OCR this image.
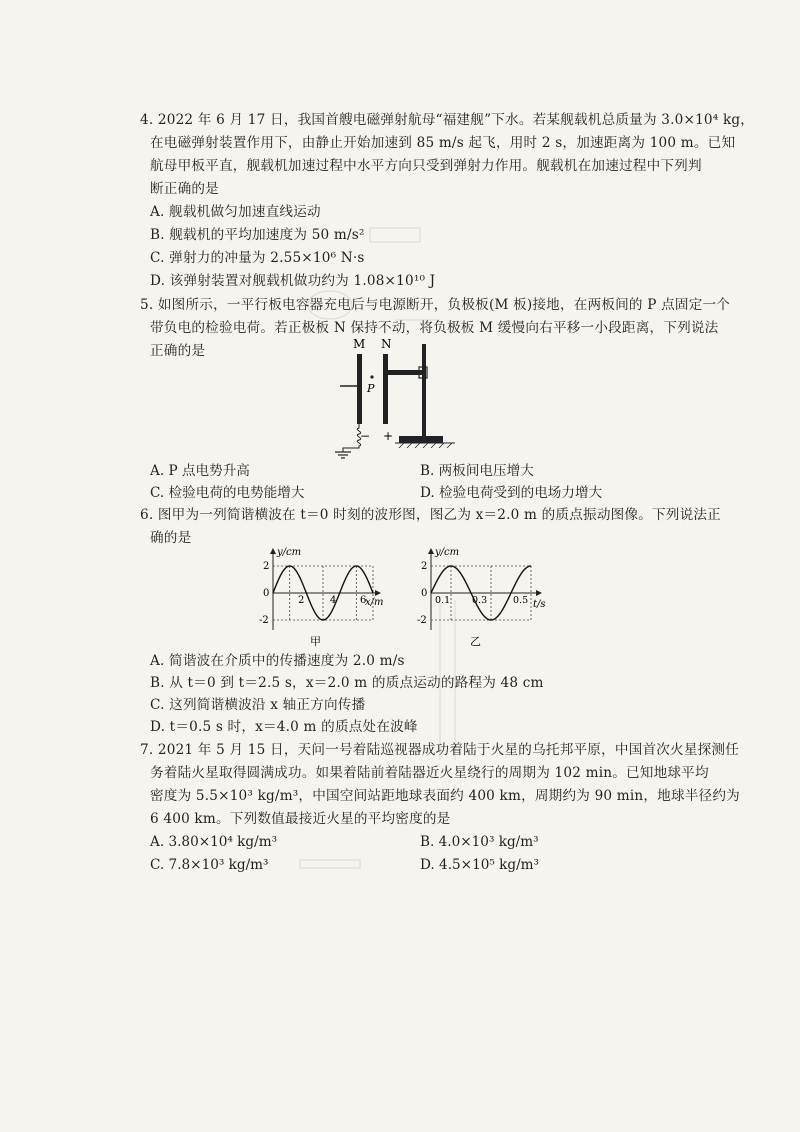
4. 2022 年 6 月 17 日，我国首艘电磁弹射航母“福建舰”下水。若某舰载机总质量为 3.0×10⁴ kg，
在电磁弹射装置作用下，由静止开始加速到 85 m/s 起飞，用时 2 s，加速距离为 100 m。已知
航母甲板平直，舰载机加速过程中水平方向只受到弹射力作用。舰载机在加速过程中下列判
断正确的是
A. 舰载机做匀加速直线运动
B. 舰载机的平均加速度为 50 m/s²
C. 弹射力的冲量为 2.55×10⁶ N·s
D. 该弹射装置对舰载机做功约为 1.08×10¹⁰ J
5. 如图所示，一平行板电容器充电后与电源断开，负极板(M 板)接地，在两板间的 P 点固定一个
带负电的检验电荷。若正极板 N 保持不动，将负极板 M 缓慢向右平移一小段距离，下列说法
正确的是	M N
P
− +
A. P 点电势升高	B. 两板间电压增大
C. 检验电荷的电势能增大	D. 检验电荷受到的电场力增大
6. 图甲为一列简谐横波在 t＝0 时刻的波形图，图乙为 x＝2.0 m 的质点振动图像。下列说法正
确的是
y/cm
x/m
2
0
-2
2	4 6
甲
y/cm
t/s
2
0
-2
0.1 0.3	0.5
乙
A. 简谐波在介质中的传播速度为 2.0 m/s
B. 从 t＝0 到 t＝2.5 s，x＝2.0 m 的质点运动的路程为 48 cm
C. 这列简谐横波沿 x 轴正方向传播
D. t＝0.5 s 时，x＝4.0 m 的质点处在波峰
7. 2021 年 5 月 15 日，天问一号着陆巡视器成功着陆于火星的乌托邦平原，中国首次火星探测任
务着陆火星取得圆满成功。如果着陆前着陆器近火星绕行的周期为 102 min。已知地球平均
密度为 5.5×10³ kg/m³，中国空间站距地球表面约 400 km，周期约为 90 min，地球半径约为
6 400 km。下列数值最接近火星的平均密度的是
A. 3.80×10⁴ kg/m³	B. 4.0×10³ kg/m³
C. 7.8×10³ kg/m³	D. 4.5×10⁵ kg/m³
